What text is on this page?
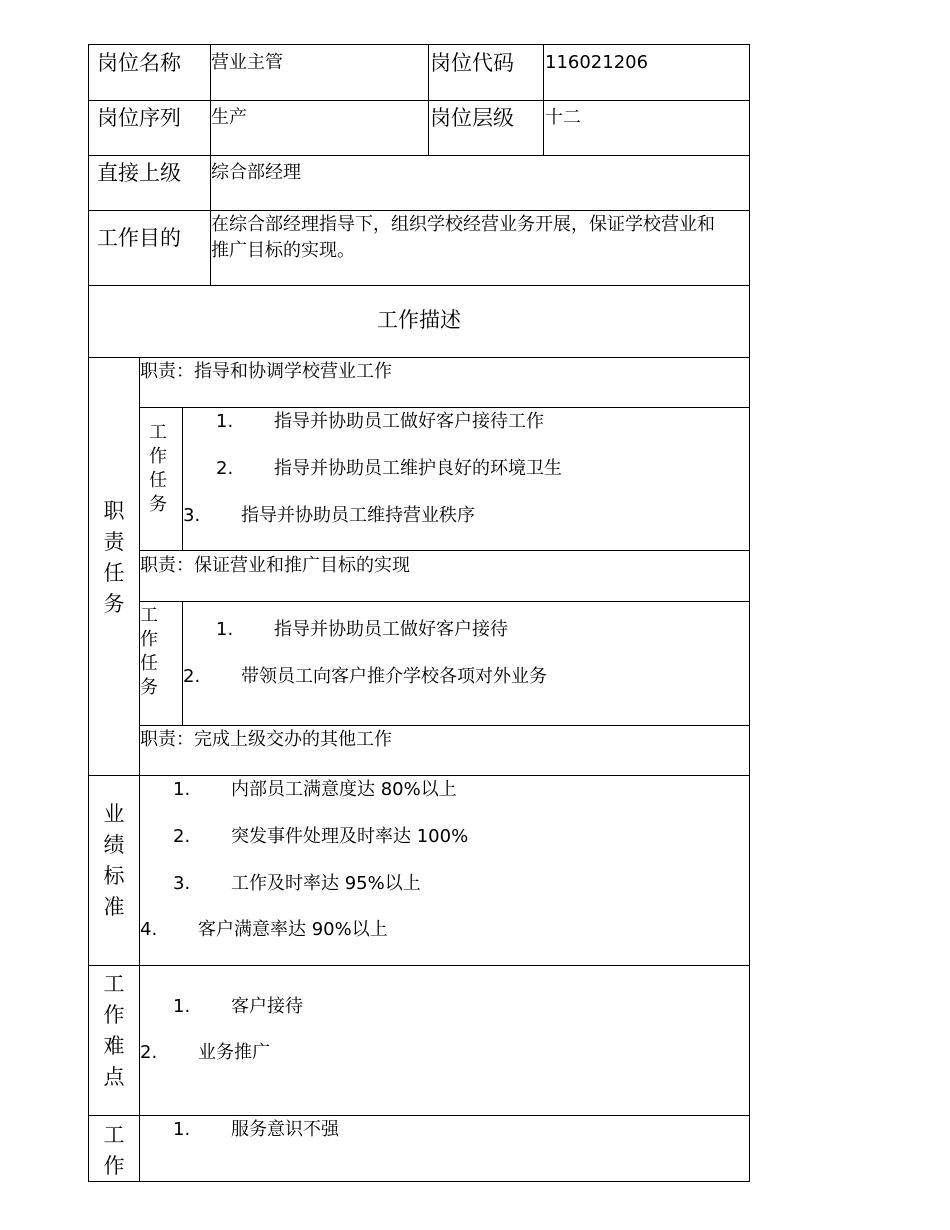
岗位名称 营业主管	岗位代码 116021206
岗位序列 生产	岗位层级 十二
直接上级 综合部经理
工作目的
在综合部经理指导下，组织学校经营业务开展，保证学校营业和
推广目标的实现。
工作描述
职责任务
职责：指导和协调学校营业工作
工作任务
1. 指导并协助员工做好客户接待工作
2. 指导并协助员工维护良好的环境卫生
3. 指导并协助员工维持营业秩序
职责：保证营业和推广目标的实现
工作任务
1. 指导并协助员工做好客户接待
2. 带领员工向客户推介学校各项对外业务
职责：完成上级交办的其他工作
业绩标准
1. 内部员工满意度达 80%以上
2. 突发事件处理及时率达 100%
3. 工作及时率达 95%以上
4. 客户满意率达 90%以上
工作难点
1. 客户接待
2. 业务推广
工作
1. 服务意识不强
